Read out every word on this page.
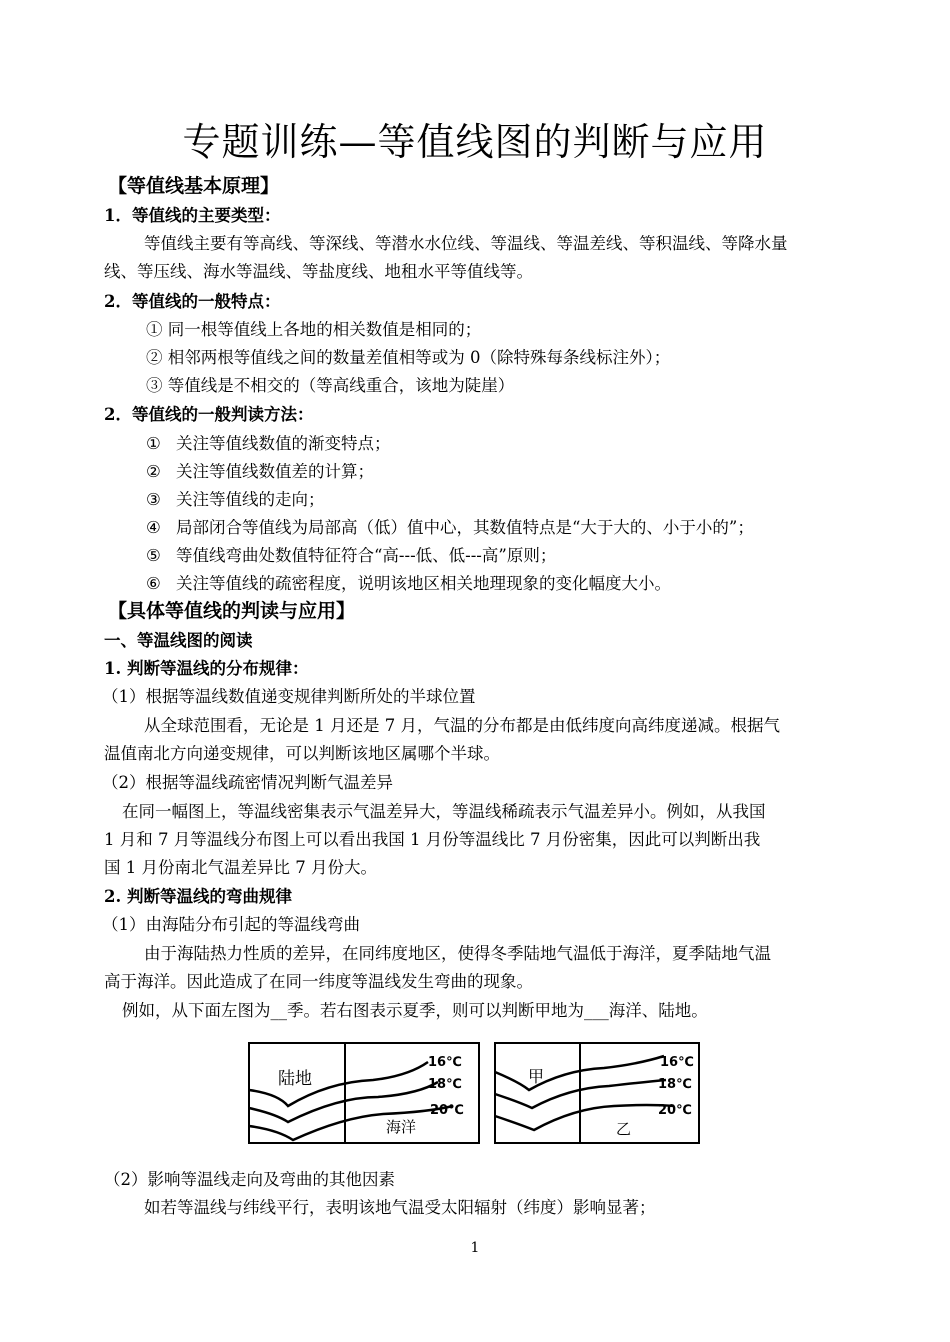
专题训练—等值线图的判断与应用
【等值线基本原理】
1．等值线的主要类型：
等值线主要有等高线、等深线、等潜水水位线、等温线、等温差线、等积温线、等降水量
线、等压线、海水等温线、等盐度线、地租水平等值线等。
2．等值线的一般特点：
① 同一根等值线上各地的相关数值是相同的；
② 相邻两根等值线之间的数量差值相等或为 0（除特殊每条线标注外）；
③ 等值线是不相交的（等高线重合，该地为陡崖）
2．等值线的一般判读方法：
① 关注等值线数值的渐变特点；
② 关注等值线数值差的计算；
③ 关注等值线的走向；
④ 局部闭合等值线为局部高（低）值中心，其数值特点是“大于大的、小于小的”；
⑤ 等值线弯曲处数值特征符合“高---低、低---高”原则；
⑥ 关注等值线的疏密程度，说明该地区相关地理现象的变化幅度大小。
【具体等值线的判读与应用】
一、等温线图的阅读
1. 判断等温线的分布规律：
（1）根据等温线数值递变规律判断所处的半球位置
从全球范围看，无论是 1 月还是 7 月，气温的分布都是由低纬度向高纬度递减。根据气
温值南北方向递变规律，可以判断该地区属哪个半球。
（2）根据等温线疏密情况判断气温差异
在同一幅图上，等温线密集表示气温差异大，等温线稀疏表示气温差异小。例如，从我国
1 月和 7 月等温线分布图上可以看出我国 1 月份等温线比 7 月份密集，因此可以判断出我
国 1 月份南北气温差异比 7 月份大。
2. 判断等温线的弯曲规律
（1）由海陆分布引起的等温线弯曲
由于海陆热力性质的差异，在同纬度地区，使得冬季陆地气温低于海洋，夏季陆地气温
高于海洋。因此造成了在同一纬度等温线发生弯曲的现象。
例如，从下面左图为__季。若右图表示夏季，则可以判断甲地为___海洋、陆地。
陆地
海洋
16℃
18℃
20℃
甲
乙
16℃
18℃
20℃
（2）影响等温线走向及弯曲的其他因素
如若等温线与纬线平行，表明该地气温受太阳辐射（纬度）影响显著；
1
